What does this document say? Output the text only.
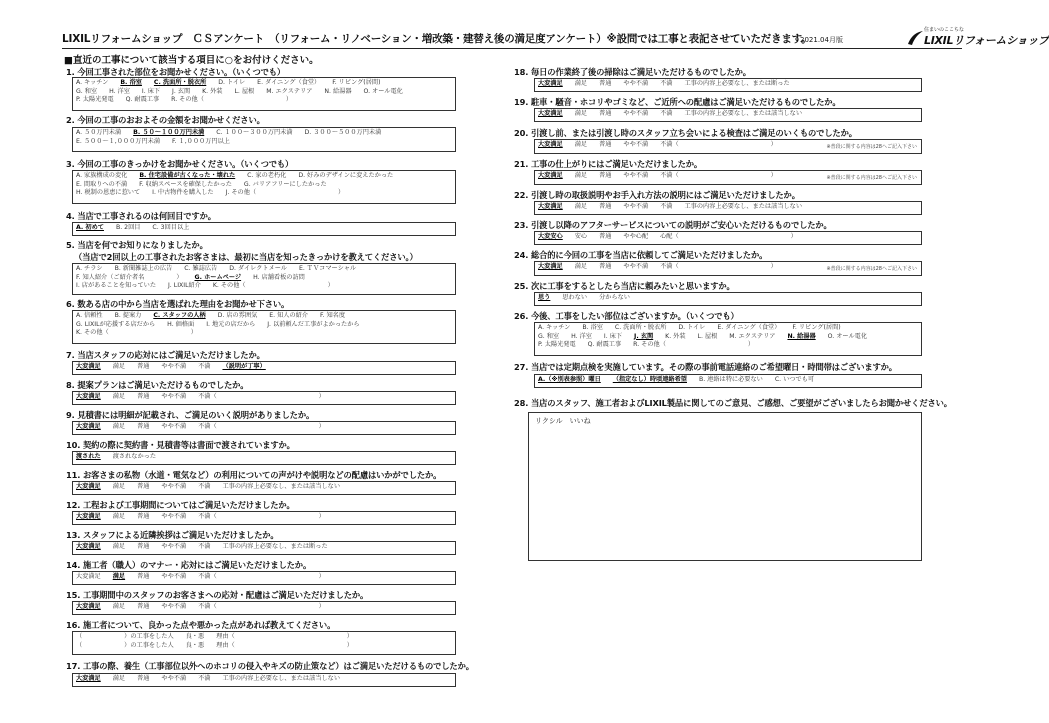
LIXILリフォームショップ　ＣＳアンケート　（リフォーム・リノベーション・増改築・建替え後の満足度アンケート）※設問では工事と表記させていただきます。
2021.04月版
住まいのここちな
LIXILリフォームショップ
■直近の工事について該当する項目に○をお付けください。
1. 今回工事された部位をお聞かせください。（いくつでも）
A. キッチン B. 浴室 C. 洗面所・脱衣所 D. トイレ E. ダイニング（食堂） F. リビング(居間)
G. 和室 H. 洋室 I. 床下 J. 玄関 K. 外装 L. 屋根 M. エクステリア N. 給湯器 O. オール電化
P. 太陽光発電 Q. 耐震工事 R. その他（	）
2. 今回の工事のおおよその金額をお聞かせください。
A. ５０万円未満 B. ５０～１００万円未満 C. １００～３００万円未満 D. ３００～５００万円未満
E. ５００～１,０００万円未満 F. １,０００万円以上
3. 今回の工事のきっかけをお聞かせください。（いくつでも）
A. 家族構成の変化 B. 住宅設備が古くなった・壊れた C. 家の老朽化 D. 好みのデザインに変えたかった
E. 間取りへの不満 F. 収納スペースを確保したかった G. バリアフリーにしたかった
H. 税制の恩恵に惹いて I. 中古物件を購入した J. その他（	）
4. 当店で工事されるのは何回目ですか。
A. 初めて B. 2回目 C. 3回目以上
5. 当店を何でお知りになりましたか。
（当店で2回以上の工事されたお客さまは、最初に当店を知ったきっかけを教えてください。）
A. チラシ B. 新聞雑誌上の広告 C. 雑誌広告 D. ダイレクトメール E. ＴＶコマーシャル
F. 知人紹介（ご紹介者名	） G. ホームページ H. 店舗看板の訪問
I. 店があることを知っていた J. LIXIL紹介 K. その他（	）
6. 数ある店の中から当店を選ばれた理由をお聞かせ下さい。
A. 信頼性 B. 提案力 C. スタッフの人柄 D. 店の雰囲気 E. 知人の紹介 F. 知名度
G. LIXILが応援する店だから H. 価格面 I. 地元の店だから J. 以前頼んだ工事がよかったから
K. その他（	）
7. 当店スタッフの応対にはご満足いただけましたか。
大変満足 満足 普通 やや不満 不満 （説明が丁寧）
8. 提案プランはご満足いただけるものでしたか。
大変満足 満足 普通 やや不満 不満（	）
9. 見積書には明細が記載され、ご満足のいく説明がありましたか。
大変満足 満足 普通 やや不満 不満（	）
10. 契約の際に契約書・見積書等は書面で渡されていますか。
渡された 渡されなかった
11. お客さまの私物（水道・電気など）の利用についての声がけや説明などの配慮はいかがでしたか。
大変満足 満足 普通 やや不満 不満 工事の内容上必要なし、または該当しない
12. 工程および工事期間についてはご満足いただけましたか。
大変満足 満足 普通 やや不満 不満（	）
13. スタッフによる近隣挨拶はご満足いただけましたか。
大変満足 満足 普通 やや不満 不満 工事の内容上必要なし、または断った
14. 施工者（職人）のマナー・応対にはご満足いただけましたか。
大変満足 満足 普通 やや不満 不満（	）
15. 工事期間中のスタッフのお客さまへの応対・配慮はご満足いただけましたか。
大変満足 満足 普通 やや不満 不満（	）
16. 施工者について、良かった点や悪かった点があれば教えてください。
（	）の工事をした人 良・悪 理由（	）
（	）の工事をした人 良・悪 理由（	）
17. 工事の際、養生（工事部位以外へのホコリの侵入やキズの防止策など）はご満足いただけるものでしたか。
大変満足 満足 普通 やや不満 不満 工事の内容上必要なし、または該当しない
18. 毎日の作業終了後の掃除はご満足いただけるものでしたか。
大変満足 満足 普通 やや不満 不満 工事の内容上必要なし、または断った
19. 駐車・騒音・ホコリやゴミなど、ご近所への配慮はご満足いただけるものでしたか。
大変満足 満足 普通 やや不満 不満 工事の内容上必要なし、または該当しない
20. 引渡し前、または引渡し時のスタッフ立ち会いによる検査はご満足のいくものでしたか。
大変満足 満足 普通 やや不満 不満（	）	※普段に関する内容は28へご記入下さい
21. 工事の仕上がりにはご満足いただけましたか。
大変満足 満足 普通 やや不満 不満（	）	※普段に関する内容は28へご記入下さい
22. 引渡し時の取扱説明やお手入れ方法の説明にはご満足いただけましたか。
大変満足 満足 普通 やや不満 不満 工事の内容上必要なし、または該当しない
23. 引渡し以降のアフターサービスについての説明がご安心いただけるものでしたか。
大変安心 安心 普通 やや心配 心配（	）
24. 総合的に今回の工事を当店に依頼してご満足いただけましたか。
大変満足 満足 普通 やや不満 不満（	）	※普段に関する内容は28へご記入下さい
25. 次に工事をするとしたら当店に頼みたいと思いますか。
思う 思わない 分からない
26. 今後、工事をしたい部位はございますか。（いくつでも）
A. キッチン B. 浴室 C. 洗面所・脱衣所 D. トイレ E. ダイニング（食堂） F. リビング(居間)
G. 和室 H. 洋室 I. 床下 J. 玄関 K. 外装 L. 屋根 M. エクステリア N. 給湯器 O. オール電化
P. 太陽光発電 Q. 耐震工事 R. その他（	）
27. 当店では定期点検を実施しています。その際の事前電話連絡のご希望曜日・時間帯はございますか。
A.（※別表参照）曜日 （指定なし）時頃連絡希望 B. 連絡は特に必要ない C. いつでも可
28. 当店のスタッフ、施工者およびLIXIL製品に関してのご意見、ご感想、ご要望がございましたらお聞かせください。
リクシル　いいね
